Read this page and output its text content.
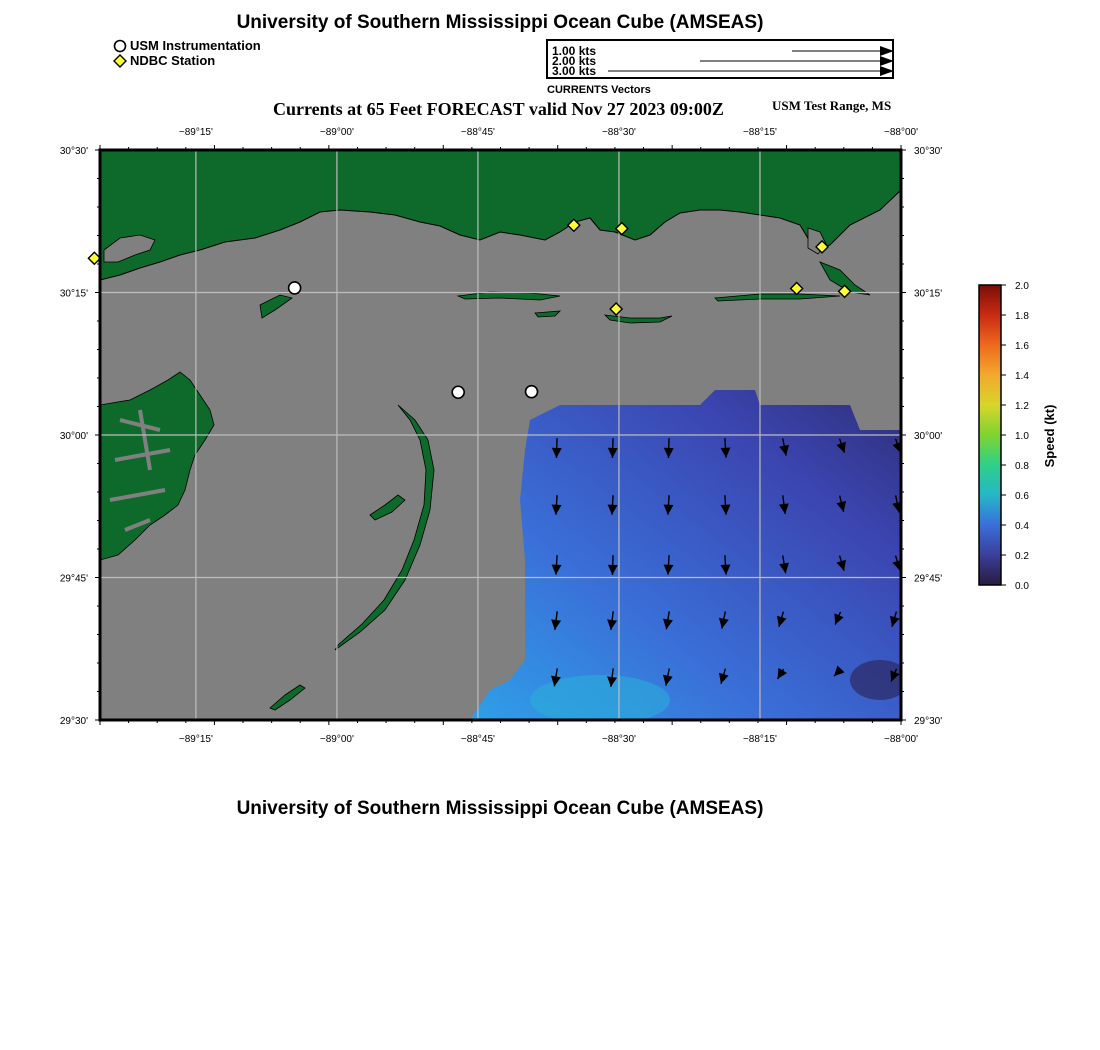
University of Southern Mississippi Ocean Cube (AMSEAS)
USM Instrumentation
NDBC Station
1.00 kts
2.00 kts
3.00 kts
CURRENTS Vectors
Currents at 65 Feet FORECAST valid Nov 27 2023 09:00Z	USM Test Range, MS
−89°15'
−89°15'
−89°00'
−89°00'
−88°45'
−88°45'
−88°30'
−88°30'
−88°15'
−88°15'
−88°00'
−88°00'
30°30'	30°30'
30°15'	30°15'
30°00'	30°00'
29°45'	29°45'
29°30'	29°30'
2.0
1.8
1.6
1.4
1.2
1.0
0.8
0.6
0.4
0.2
0.0
Speed (kt)
University of Southern Mississippi Ocean Cube (AMSEAS)
